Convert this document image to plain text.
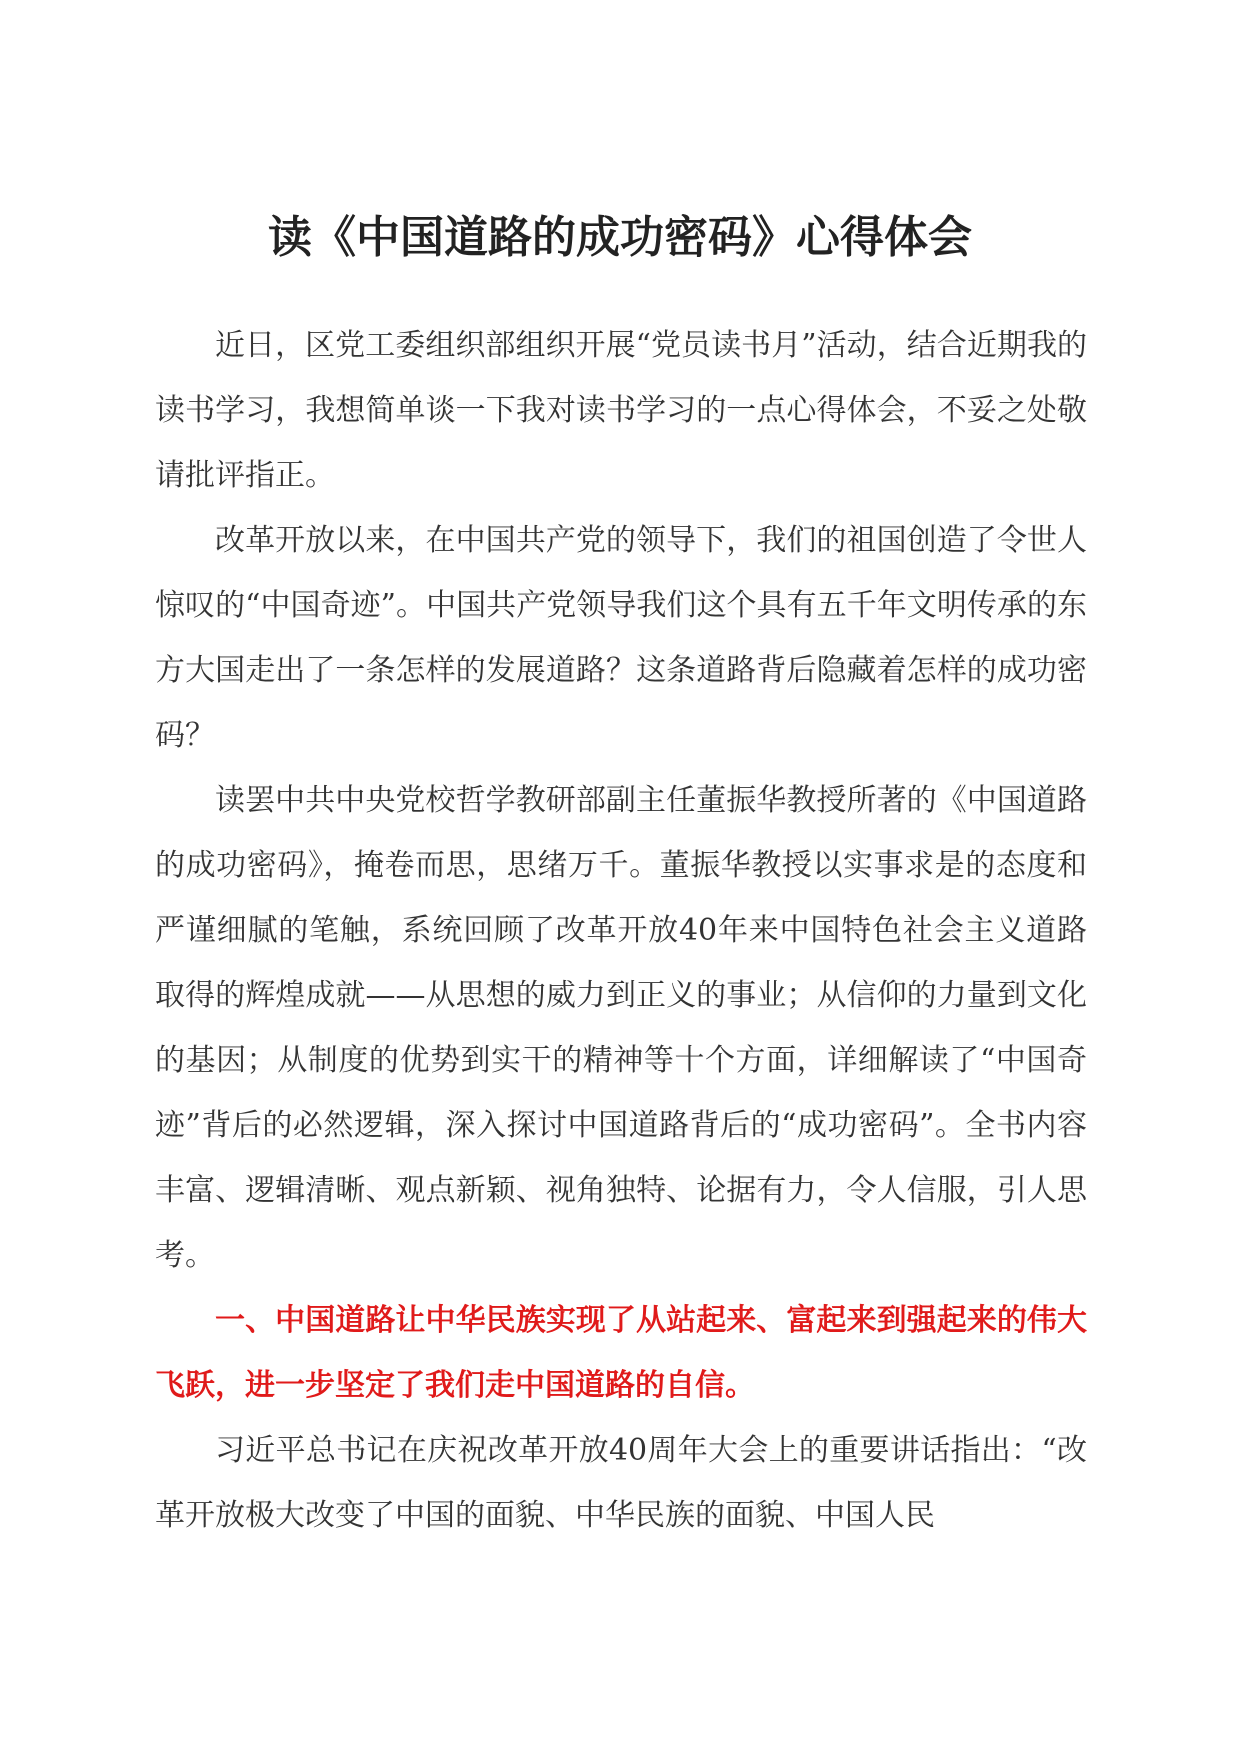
读《中国道路的成功密码》心得体会

近日，区党工委组织部组织开展“党员读书月”活动，结合近期我的读书学习，我想简单谈一下我对读书学习的一点心得体会，不妥之处敬请批评指正。

改革开放以来，在中国共产党的领导下，我们的祖国创造了令世人惊叹的“中国奇迹”。中国共产党领导我们这个具有五千年文明传承的东方大国走出了一条怎样的发展道路？这条道路背后隐藏着怎样的成功密码？

读罢中共中央党校哲学教研部副主任董振华教授所著的《中国道路的成功密码》，掩卷而思，思绪万千。董振华教授以实事求是的态度和严谨细腻的笔触，系统回顾了改革开放40年来中国特色社会主义道路取得的辉煌成就——从思想的威力到正义的事业；从信仰的力量到文化的基因；从制度的优势到实干的精神等十个方面，详细解读了“中国奇迹”背后的必然逻辑，深入探讨中国道路背后的“成功密码”。全书内容丰富、逻辑清晰、观点新颖、视角独特、论据有力，令人信服，引人思考。

一、中国道路让中华民族实现了从站起来、富起来到强起来的伟大飞跃，进一步坚定了我们走中国道路的自信。

习近平总书记在庆祝改革开放40周年大会上的重要讲话指出：“改革开放极大改变了中国的面貌、中华民族的面貌、中国人民
